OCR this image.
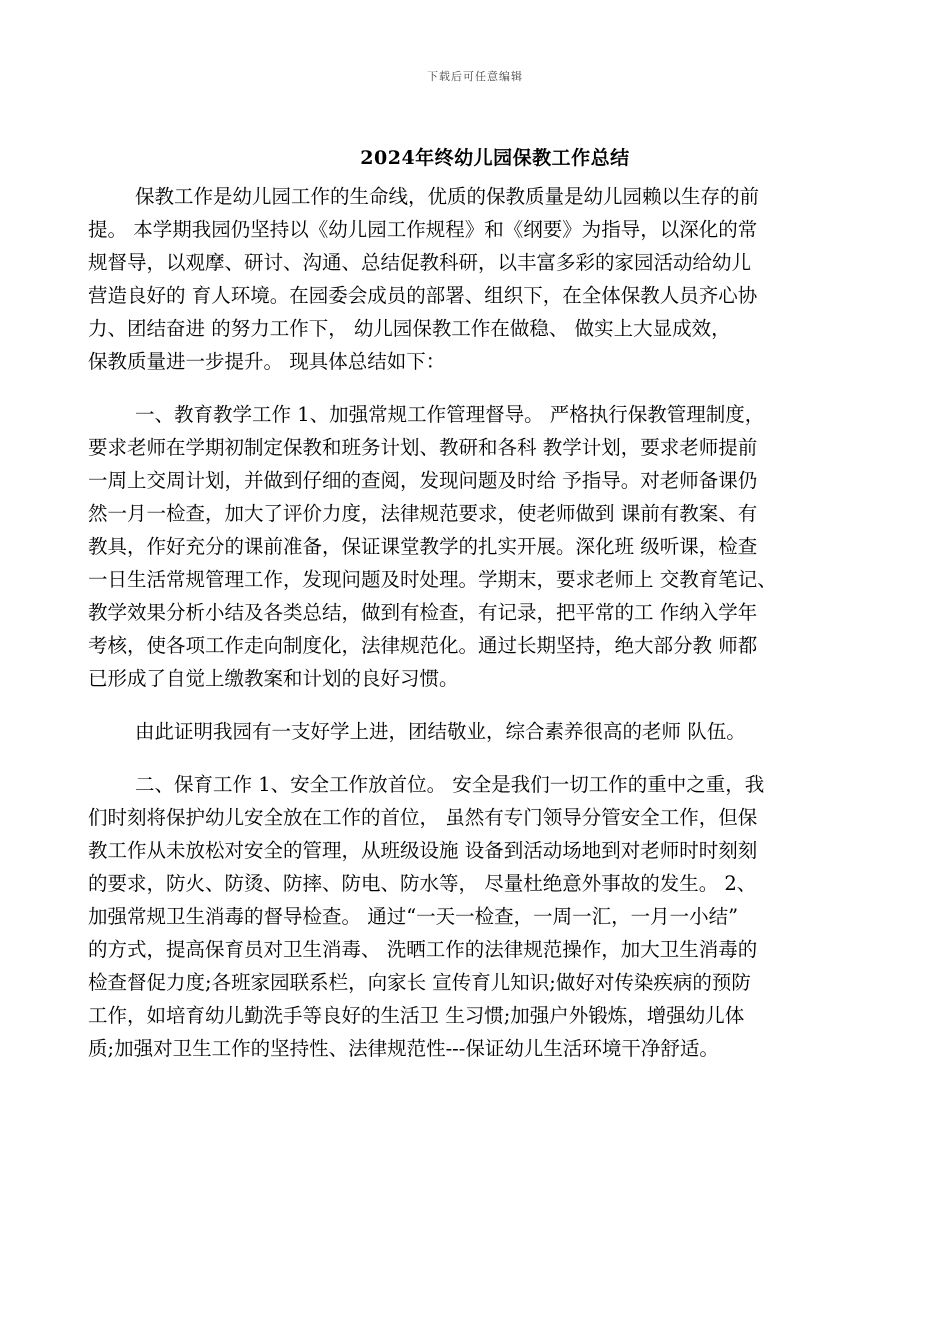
下载后可任意编辑
2024年终幼儿园保教工作总结
保教工作是幼儿园工作的生命线，优质的保教质量是幼儿园赖以生存的前
提。 本学期我园仍坚持以《幼儿园工作规程》和《纲要》为指导，以深化的常
规督导，以观摩、研讨、沟通、总结促教科研，以丰富多彩的家园活动给幼儿
营造良好的 育人环境。在园委会成员的部署、组织下，在全体保教人员齐心协
力、团结奋进 的努力工作下， 幼儿园保教工作在做稳、 做实上大显成效，
保教质量进一步提升。 现具体总结如下：
一、教育教学工作 1、加强常规工作管理督导。 严格执行保教管理制度，
要求老师在学期初制定保教和班务计划、教研和各科 教学计划，要求老师提前
一周上交周计划，并做到仔细的查阅，发现问题及时给 予指导。对老师备课仍
然一月一检查，加大了评价力度，法律规范要求，使老师做到 课前有教案、有
教具，作好充分的课前准备，保证课堂教学的扎实开展。深化班 级听课，检查
一日生活常规管理工作，发现问题及时处理。学期末，要求老师上 交教育笔记、
教学效果分析小结及各类总结，做到有检查，有记录，把平常的工 作纳入学年
考核，使各项工作走向制度化，法律规范化。通过长期坚持，绝大部分教 师都
已形成了自觉上缴教案和计划的良好习惯。
由此证明我园有一支好学上进，团结敬业，综合素养很高的老师 队伍。
二、保育工作 1、安全工作放首位。 安全是我们一切工作的重中之重，我
们时刻将保护幼儿安全放在工作的首位， 虽然有专门领导分管安全工作，但保
教工作从未放松对安全的管理，从班级设施 设备到活动场地到对老师时时刻刻
的要求，防火、防烫、防摔、防电、防水等， 尽量杜绝意外事故的发生。 2、
加强常规卫生消毒的督导检查。 通过“一天一检查，一周一汇，一月一小结”
的方式，提高保育员对卫生消毒、 洗晒工作的法律规范操作，加大卫生消毒的
检查督促力度;各班家园联系栏，向家长 宣传育儿知识;做好对传染疾病的预防
工作，如培育幼儿勤洗手等良好的生活卫 生习惯;加强户外锻炼，增强幼儿体
质;加强对卫生工作的坚持性、法律规范性---保证幼儿生活环境干净舒适。
